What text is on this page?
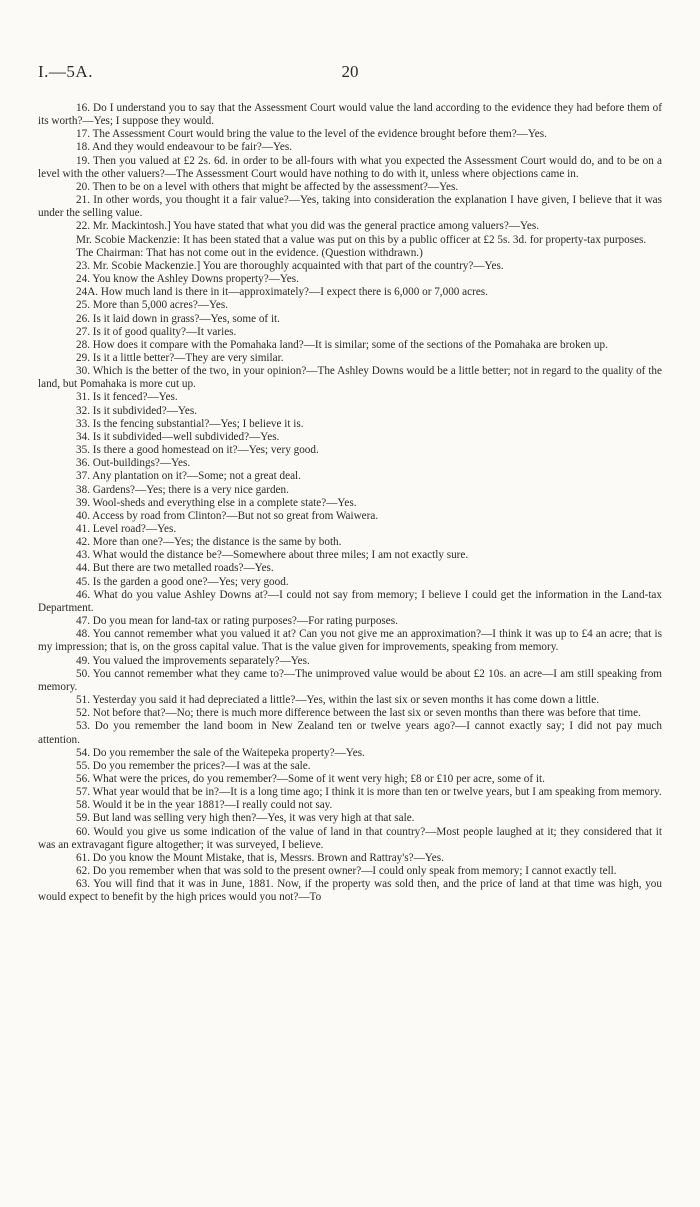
I.—5A.	20

16. Do I understand you to say that the Assessment Court would value the land according to the evidence they had before them of its worth?—Yes; I suppose they would.

17. The Assessment Court would bring the value to the level of the evidence brought before them?—Yes.

18. And they would endeavour to be fair?—Yes.

19. Then you valued at £2 2s. 6d. in order to be all-fours with what you expected the Assessment Court would do, and to be on a level with the other valuers?—The Assessment Court would have nothing to do with it, unless where objections came in.

20. Then to be on a level with others that might be affected by the assessment?—Yes.

21. In other words, you thought it a fair value?—Yes, taking into consideration the explanation I have given, I believe that it was under the selling value.

22. Mr. Mackintosh.] You have stated that what you did was the general practice among valuers?—Yes.

Mr. Scobie Mackenzie: It has been stated that a value was put on this by a public officer at £2 5s. 3d. for property-tax purposes.

The Chairman: That has not come out in the evidence. (Question withdrawn.)

23. Mr. Scobie Mackenzie.] You are thoroughly acquainted with that part of the country?—Yes.

24. You know the Ashley Downs property?—Yes.

24A. How much land is there in it—approximately?—I expect there is 6,000 or 7,000 acres.

25. More than 5,000 acres?—Yes.

26. Is it laid down in grass?—Yes, some of it.

27. Is it of good quality?—It varies.

28. How does it compare with the Pomahaka land?—It is similar; some of the sections of the Pomahaka are broken up.

29. Is it a little better?—They are very similar.

30. Which is the better of the two, in your opinion?—The Ashley Downs would be a little better; not in regard to the quality of the land, but Pomahaka is more cut up.

31. Is it fenced?—Yes.

32. Is it subdivided?—Yes.

33. Is the fencing substantial?—Yes; I believe it is.

34. Is it subdivided—well subdivided?—Yes.

35. Is there a good homestead on it?—Yes; very good.

36. Out-buildings?—Yes.

37. Any plantation on it?—Some; not a great deal.

38. Gardens?—Yes; there is a very nice garden.

39. Wool-sheds and everything else in a complete state?—Yes.

40. Access by road from Clinton?—But not so great from Waiwera.

41. Level road?—Yes.

42. More than one?—Yes; the distance is the same by both.

43. What would the distance be?—Somewhere about three miles; I am not exactly sure.

44. But there are two metalled roads?—Yes.

45. Is the garden a good one?—Yes; very good.

46. What do you value Ashley Downs at?—I could not say from memory; I believe I could get the information in the Land-tax Department.

47. Do you mean for land-tax or rating purposes?—For rating purposes.

48. You cannot remember what you valued it at? Can you not give me an approximation?—I think it was up to £4 an acre; that is my impression; that is, on the gross capital value. That is the value given for improvements, speaking from memory.

49. You valued the improvements separately?—Yes.

50. You cannot remember what they came to?—The unimproved value would be about £2 10s. an acre—I am still speaking from memory.

51. Yesterday you said it had depreciated a little?—Yes, within the last six or seven months it has come down a little.

52. Not before that?—No; there is much more difference between the last six or seven months than there was before that time.

53. Do you remember the land boom in New Zealand ten or twelve years ago?—I cannot exactly say; I did not pay much attention.

54. Do you remember the sale of the Waitepeka property?—Yes.

55. Do you remember the prices?—I was at the sale.

56. What were the prices, do you remember?—Some of it went very high; £8 or £10 per acre, some of it.

57. What year would that be in?—It is a long time ago; I think it is more than ten or twelve years, but I am speaking from memory.

58. Would it be in the year 1881?—I really could not say.

59. But land was selling very high then?—Yes, it was very high at that sale.

60. Would you give us some indication of the value of land in that country?—Most people laughed at it; they considered that it was an extravagant figure altogether; it was surveyed, I believe.

61. Do you know the Mount Mistake, that is, Messrs. Brown and Rattray's?—Yes.

62. Do you remember when that was sold to the present owner?—I could only speak from memory; I cannot exactly tell.

63. You will find that it was in June, 1881. Now, if the property was sold then, and the price of land at that time was high, you would expect to benefit by the high prices would you not?—To
